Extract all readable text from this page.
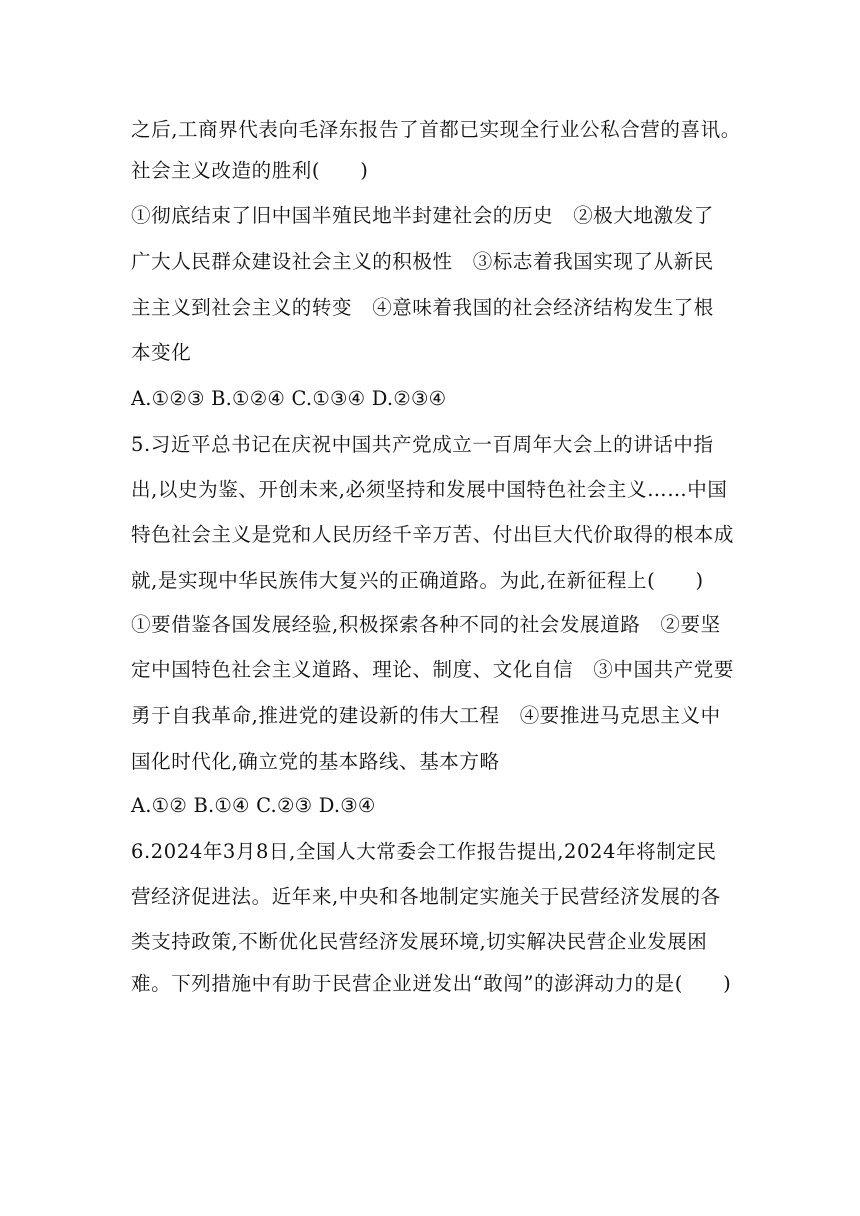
之后,工商界代表向毛泽东报告了首都已实现全行业公私合营的喜讯。

社会主义改造的胜利(　　)

①彻底结束了旧中国半殖民地半封建社会的历史　②极大地激发了

广大人民群众建设社会主义的积极性　③标志着我国实现了从新民

主主义到社会主义的转变　④意味着我国的社会经济结构发生了根

本变化

A.①②③ B.①②④ C.①③④ D.②③④

5.习近平总书记在庆祝中国共产党成立一百周年大会上的讲话中指

出,以史为鉴、开创未来,必须坚持和发展中国特色社会主义……中国

特色社会主义是党和人民历经千辛万苦、付出巨大代价取得的根本成

就,是实现中华民族伟大复兴的正确道路。为此,在新征程上(　　)

①要借鉴各国发展经验,积极探索各种不同的社会发展道路　②要坚

定中国特色社会主义道路、理论、制度、文化自信　③中国共产党要

勇于自我革命,推进党的建设新的伟大工程　④要推进马克思主义中

国化时代化,确立党的基本路线、基本方略

A.①② B.①④ C.②③ D.③④

6.2024年3月8日,全国人大常委会工作报告提出,2024年将制定民

营经济促进法。近年来,中央和各地制定实施关于民营经济发展的各

类支持政策,不断优化民营经济发展环境,切实解决民营企业发展困

难。下列措施中有助于民营企业迸发出“敢闯”的澎湃动力的是(　　)
